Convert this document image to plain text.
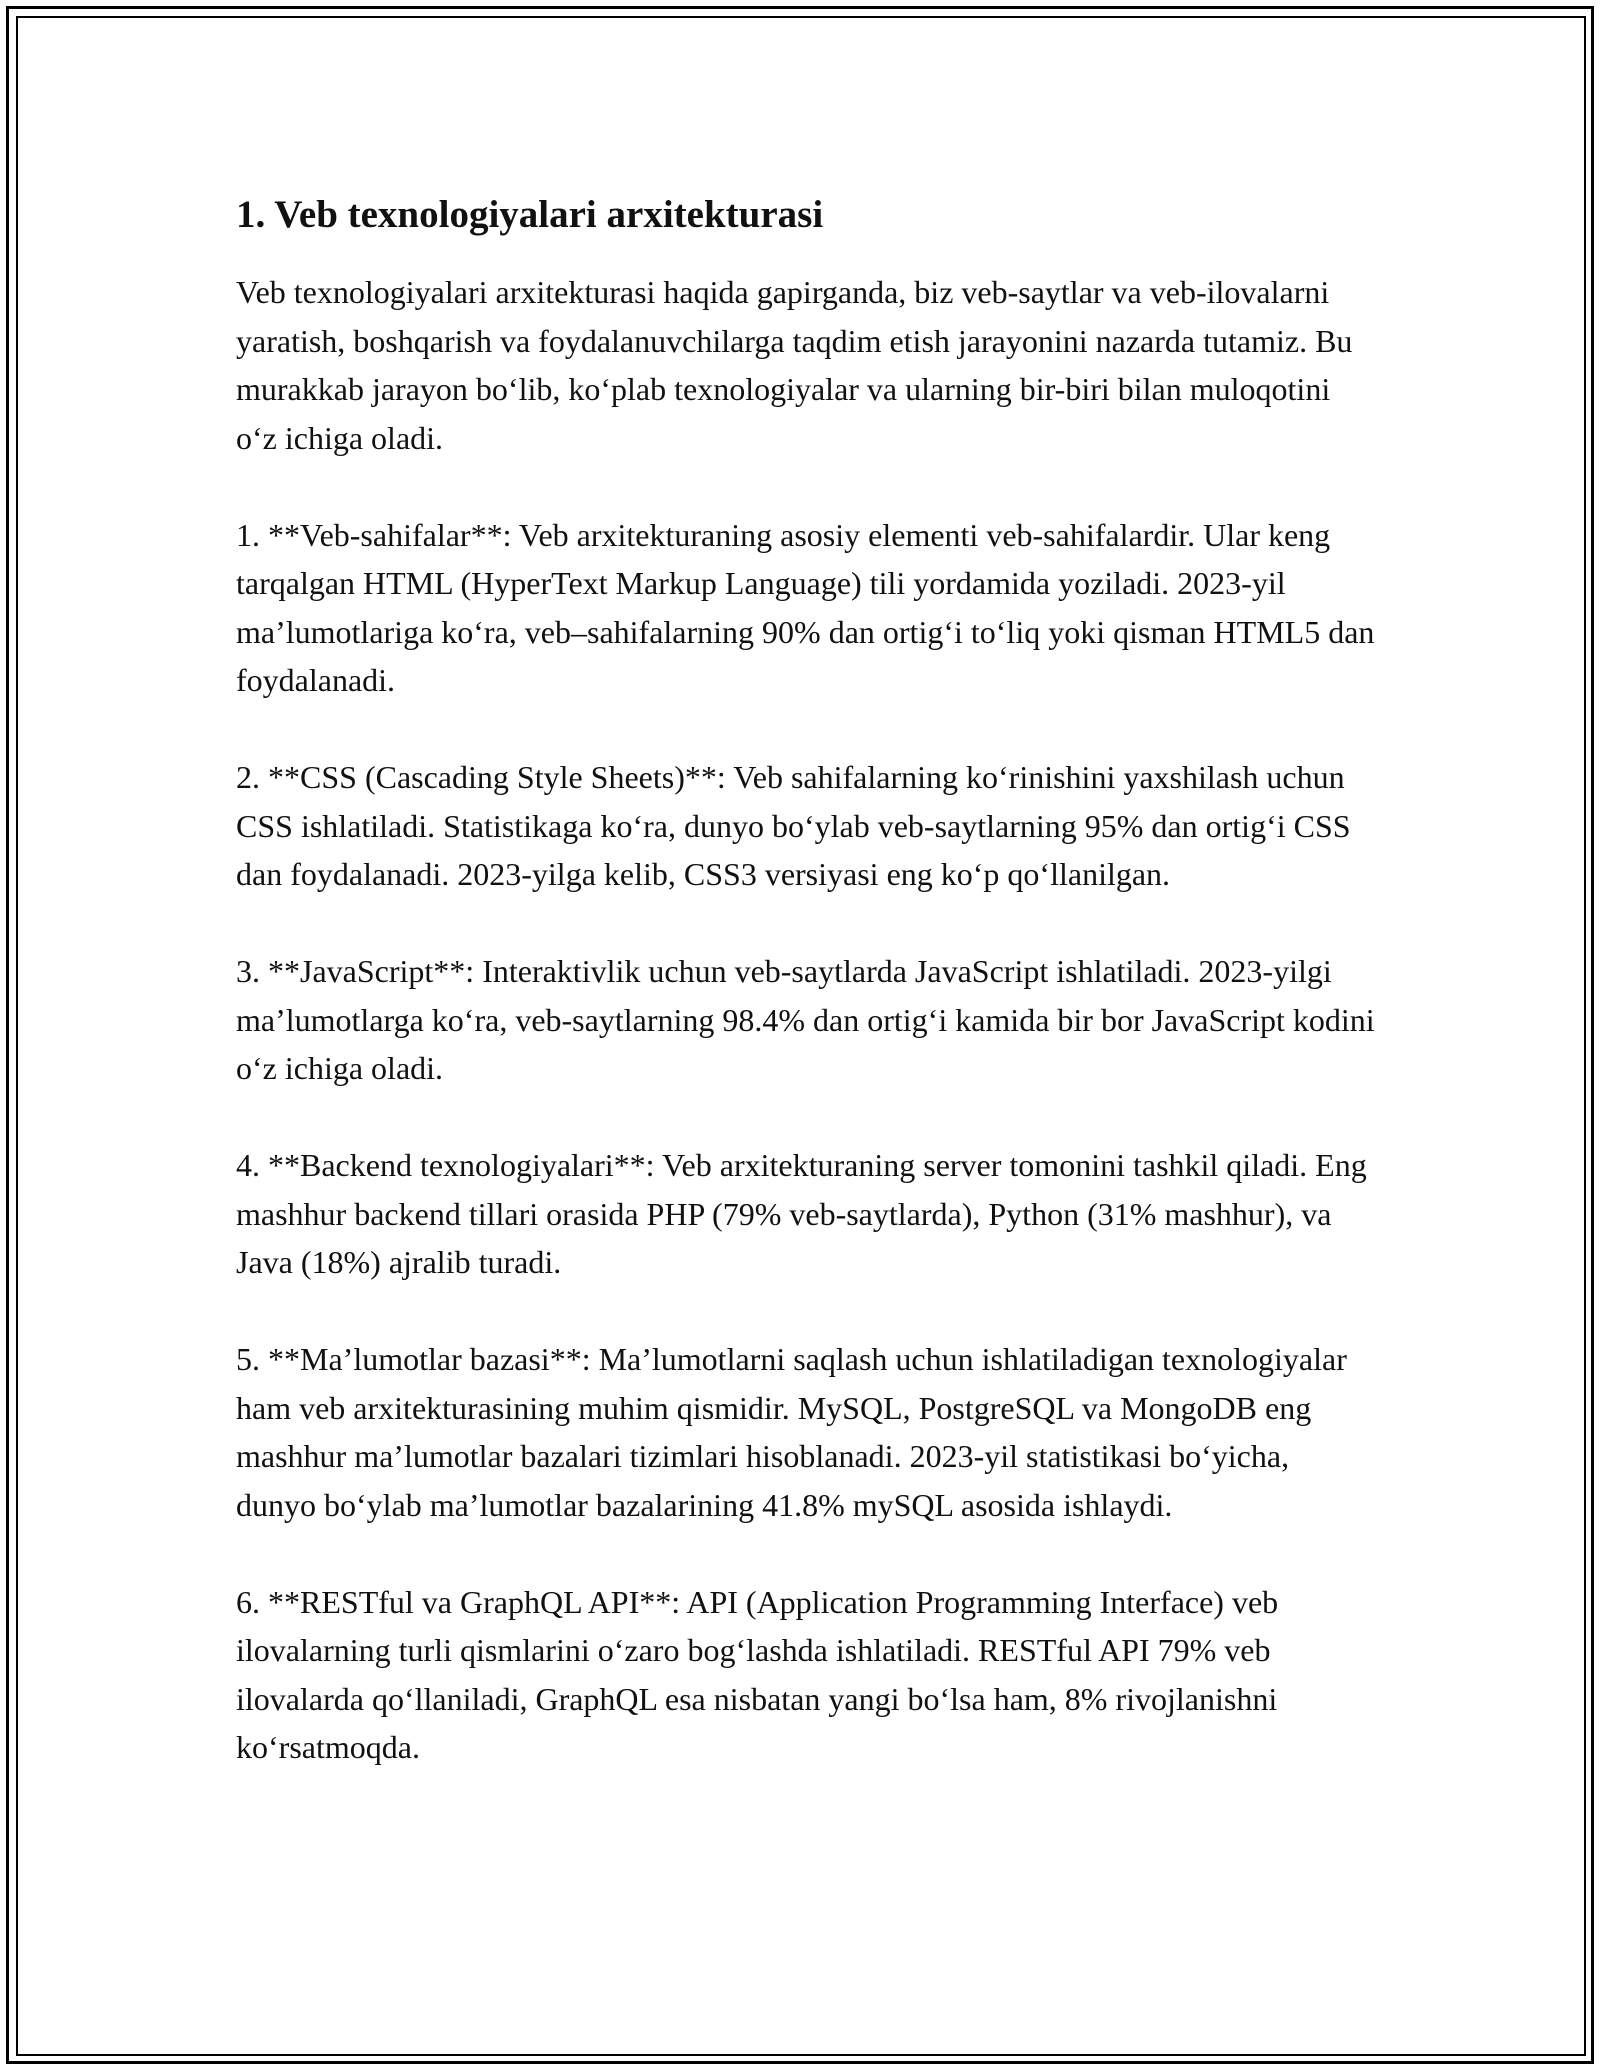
1. Veb texnologiyalari arxitekturasi

Veb texnologiyalari arxitekturasi haqida gapirganda, biz veb-saytlar va veb-ilovalarni yaratish, boshqarish va foydalanuvchilarga taqdim etish jarayonini nazarda tutamiz. Bu murakkab jarayon bo‘lib, ko‘plab texnologiyalar va ularning bir-biri bilan muloqotini o‘z ichiga oladi.

1. **Veb-sahifalar**: Veb arxitekturaning asosiy elementi veb-sahifalardir. Ular keng tarqalgan HTML (HyperText Markup Language) tili yordamida yoziladi. 2023-yil ma’lumotlariga ko‘ra, veb–sahifalarning 90% dan ortig‘i to‘liq yoki qisman HTML5 dan foydalanadi.

2. **CSS (Cascading Style Sheets)**: Veb sahifalarning ko‘rinishini yaxshilash uchun CSS ishlatiladi. Statistikaga ko‘ra, dunyo bo‘ylab veb-saytlarning 95% dan ortig‘i CSS dan foydalanadi. 2023-yilga kelib, CSS3 versiyasi eng ko‘p qo‘llanilgan.

3. **JavaScript**: Interaktivlik uchun veb-saytlarda JavaScript ishlatiladi. 2023-yilgi ma’lumotlarga ko‘ra, veb-saytlarning 98.4% dan ortig‘i kamida bir bor JavaScript kodini o‘z ichiga oladi.

4. **Backend texnologiyalari**: Veb arxitekturaning server tomonini tashkil qiladi. Eng mashhur backend tillari orasida PHP (79% veb-saytlarda), Python (31% mashhur), va Java (18%) ajralib turadi.

5. **Ma’lumotlar bazasi**: Ma’lumotlarni saqlash uchun ishlatiladigan texnologiyalar ham veb arxitekturasining muhim qismidir. MySQL, PostgreSQL va MongoDB eng mashhur ma’lumotlar bazalari tizimlari hisoblanadi. 2023-yil statistikasi bo‘yicha, dunyo bo‘ylab ma’lumotlar bazalarining 41.8% mySQL asosida ishlaydi.

6. **RESTful va GraphQL API**: API (Application Programming Interface) veb ilovalarning turli qismlarini o‘zaro bog‘lashda ishlatiladi. RESTful API 79% veb ilovalarda qo‘llaniladi, GraphQL esa nisbatan yangi bo‘lsa ham, 8% rivojlanishni ko‘rsatmoqda.
